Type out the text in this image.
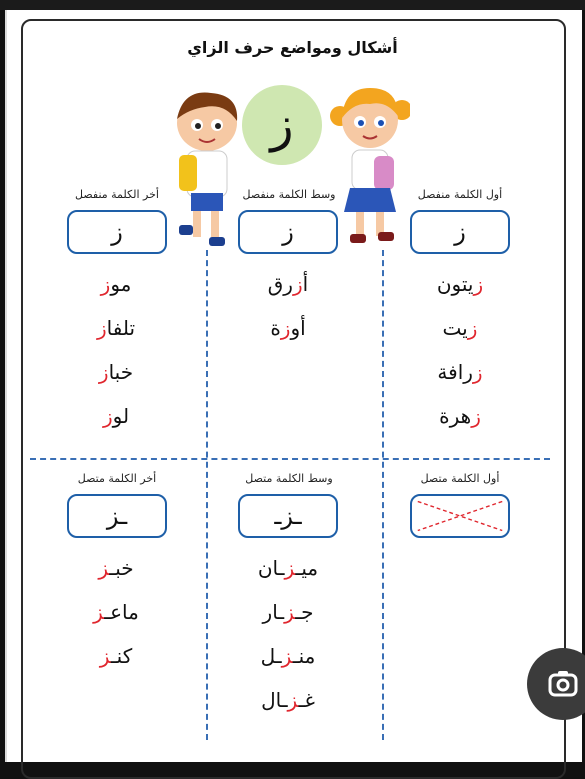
أشكال ومواضع حرف الزاي
ز
أول الكلمة منفصل
وسط الكلمة منفصل
أخر الكلمة منفصل
ز
ز
ز
زيتون
زيت
زرافة
زهرة
أزرق
أوزة
موز
تلفاز
خباز
لوز
أول الكلمة متصل
وسط الكلمة متصل
أخر الكلمة متصل
ـزـ
ـز
ميـزـان
جـزـار
منـزـل
غـزـال
خبـز
ماعـز
كنـز
